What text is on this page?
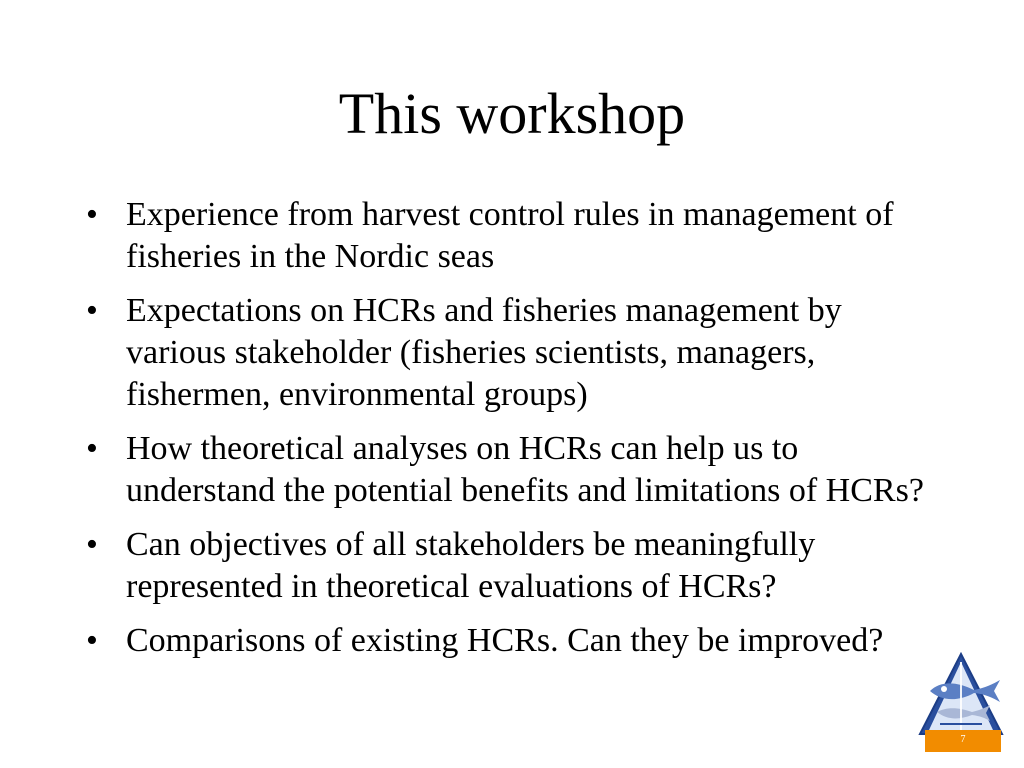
This workshop
• Experience from harvest control rules in management of fisheries in the Nordic seas
• Expectations on HCRs and fisheries management by various stakeholder (fisheries scientists, managers, fishermen, environmental groups)
• How theoretical analyses on HCRs can help us to understand the potential benefits and limitations of HCRs?
• Can objectives of all stakeholders be meaningfully represented in theoretical evaluations of HCRs?
• Comparisons of existing HCRs. Can they be improved?
7
